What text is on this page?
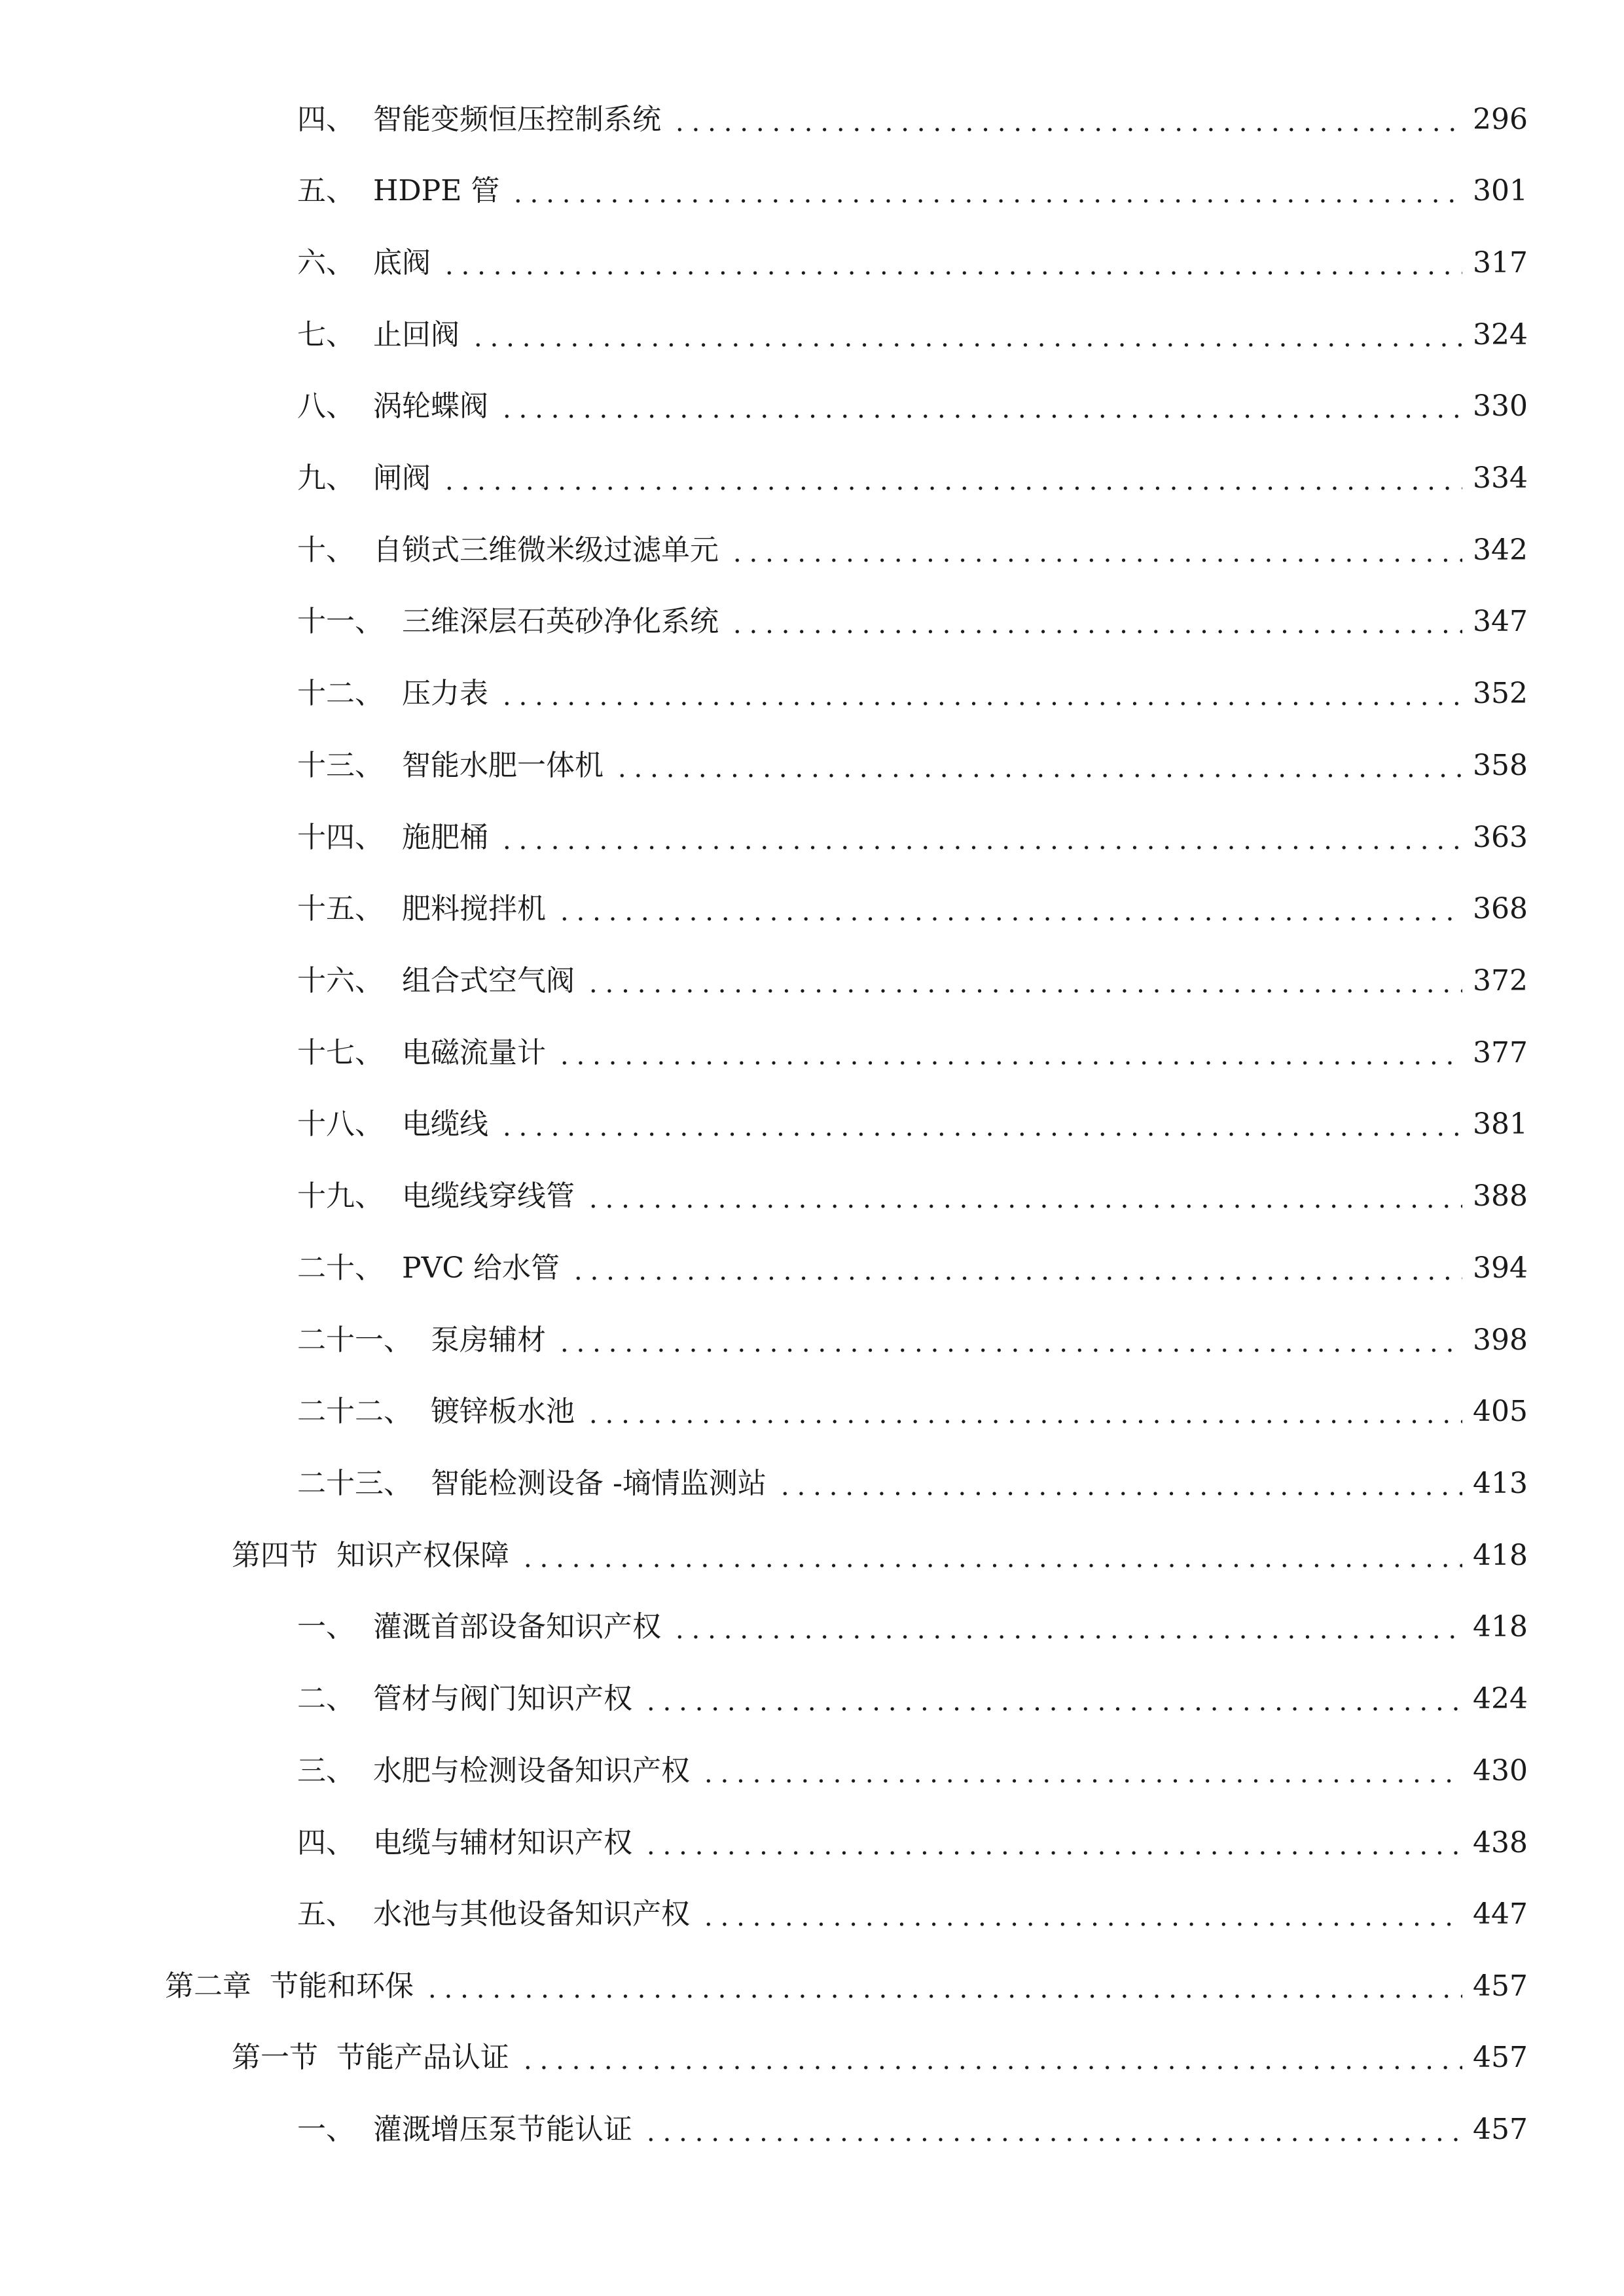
四、 智能变频恒压控制系统	296
五、 HDPE 管	301
六、 底阀	317
七、 止回阀	324
八、 涡轮蝶阀	330
九、 闸阀	334
十、 自锁式三维微米级过滤单元	342
十一、 三维深层石英砂净化系统	347
十二、 压力表	352
十三、 智能水肥一体机	358
十四、 施肥桶	363
十五、 肥料搅拌机	368
十六、 组合式空气阀	372
十七、 电磁流量计	377
十八、 电缆线	381
十九、 电缆线穿线管	388
二十、 PVC 给水管	394
二十一、 泵房辅材	398
二十二、 镀锌板水池	405
二十三、 智能检测设备 -墒情监测站	413
第四节 知识产权保障	418
一、 灌溉首部设备知识产权	418
二、 管材与阀门知识产权	424
三、 水肥与检测设备知识产权	430
四、 电缆与辅材知识产权	438
五、 水池与其他设备知识产权	447
第二章 节能和环保	457
第一节 节能产品认证	457
一、 灌溉增压泵节能认证	457
